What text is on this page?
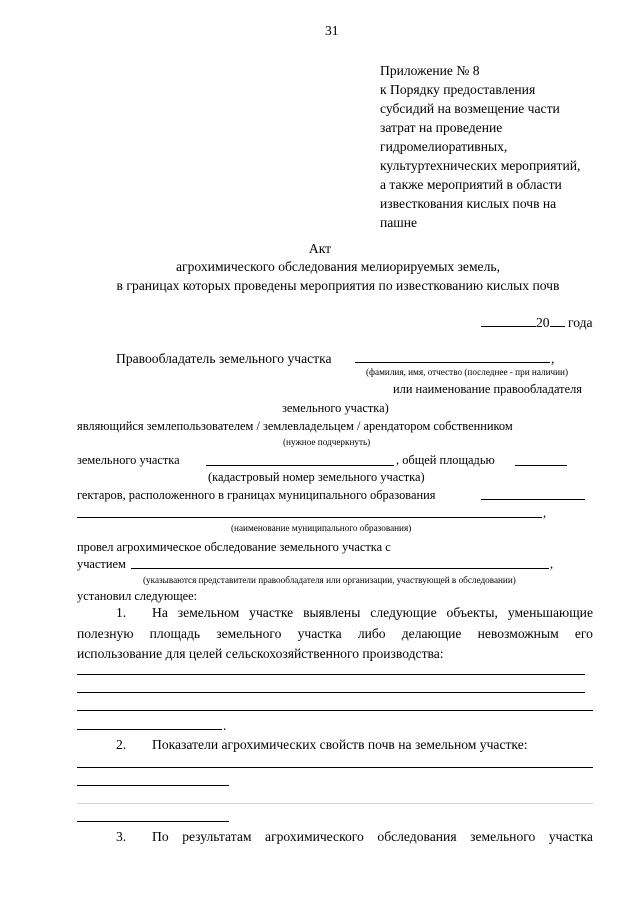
31
Приложение № 8
к Порядку предоставления
субсидий на возмещение части
затрат на проведение
гидромелиоративных,
культуртехнических мероприятий,
а также мероприятий в области
известкования кислых почв на
пашне
Акт
агрохимического обследования мелиорируемых земель,
в границах которых проведены мероприятия по известкованию кислых почв
20 года
Правообладатель земельного участка	,
(фамилия, имя, отчество (последнее - при наличии)
или наименование правообладателя
земельного участка)
являющийся землепользователем / землевладельцем / арендатором собственником
(нужное подчеркнуть)
земельного участка	, общей площадью
(кадастровый номер земельного участка)
гектаров, расположенного в границах муниципального образования
,
(наименование муниципального образования)
провел агрохимическое обследование земельного участка с
участием	,
(указываются представители правообладателя или организации, участвующей в обследовании)
установил следующее:
1. На земельном участке выявлены следующие объекты, уменьшающие
полезную площадь земельного участка либо делающие невозможным его
использование для целей сельскохозяйственного производства:
.
2. Показатели агрохимических свойств почв на земельном участке:
3. По результатам агрохимического обследования земельного участка
